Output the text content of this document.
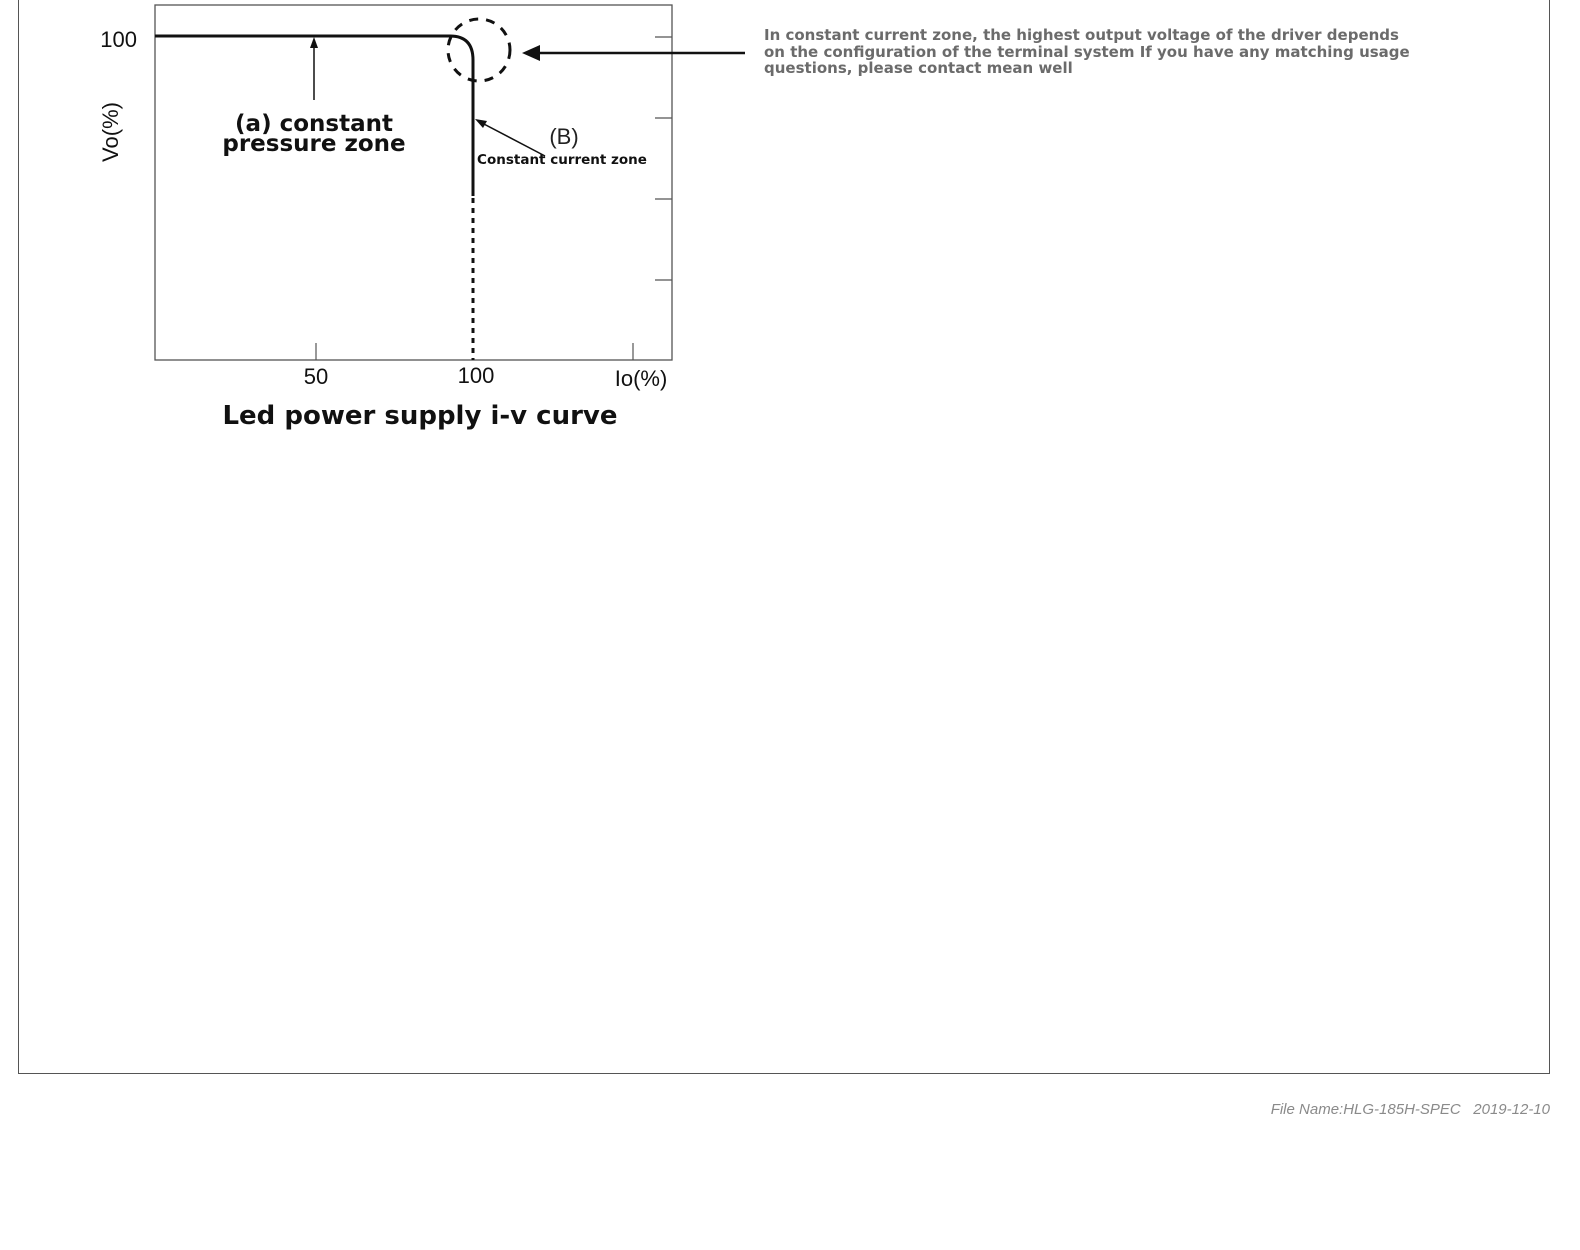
100
Vo(%)
50	100	Io(%)
(a) constant
pressure zone	(B)
Constant current zone
Led power supply i-v curve
In constant current zone, the highest output voltage of the driver depends on the configuration of the terminal system If you have any matching usage questions, please contact mean well
File Name:HLG-185H-SPEC 2019-12-10
